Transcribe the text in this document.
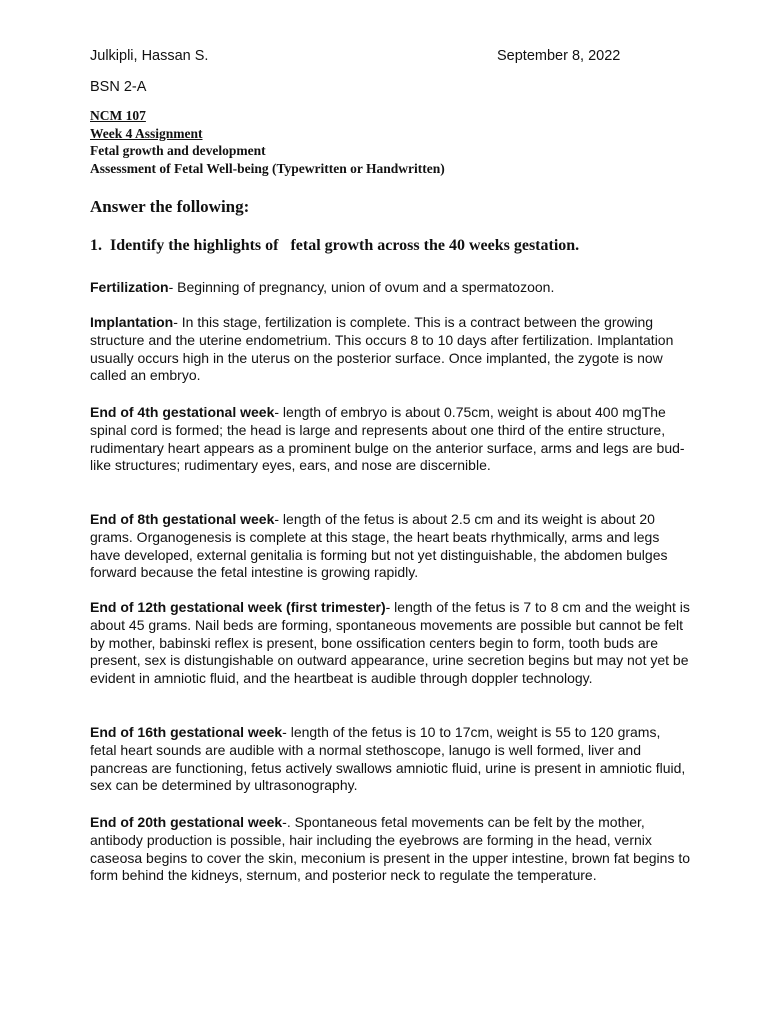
Julkipli, Hassan S.	September 8, 2022
BSN 2-A
NCM 107
Week 4 Assignment
Fetal growth and development
Assessment of Fetal Well-being (Typewritten or Handwritten)
Answer the following:
1. Identify the highlights of   fetal growth across the 40 weeks gestation.
Fertilization- Beginning of pregnancy, union of ovum and a spermatozoon.
Implantation- In this stage, fertilization is complete. This is a contract between the growing structure and the uterine endometrium. This occurs 8 to 10 days after fertilization. Implantation usually occurs high in the uterus on the posterior surface. Once implanted, the zygote is now called an embryo.
End of 4th gestational week- length of embryo is about 0.75cm, weight is about 400 mgThe spinal cord is formed; the head is large and represents about one third of the entire structure, rudimentary heart appears as a prominent bulge on the anterior surface, arms and legs are bud-like structures; rudimentary eyes, ears, and nose are discernible.
End of 8th gestational week- length of the fetus is about 2.5 cm and its weight is about 20 grams. Organogenesis is complete at this stage, the heart beats rhythmically, arms and legs have developed, external genitalia is forming but not yet distinguishable, the abdomen bulges forward because the fetal intestine is growing rapidly.
End of 12th gestational week (first trimester)- length of the fetus is 7 to 8 cm and the weight is about 45 grams. Nail beds are forming, spontaneous movements are possible but cannot be felt by mother, babinski reflex is present, bone ossification centers begin to form, tooth buds are present, sex is distungishable on outward appearance, urine secretion begins but may not yet be evident in amniotic fluid, and the heartbeat is audible through doppler technology.
End of 16th gestational week- length of the fetus is 10 to 17cm, weight is 55 to 120 grams, fetal heart sounds are audible with a normal stethoscope, lanugo is well formed, liver and pancreas are functioning, fetus actively swallows amniotic fluid, urine is present in amniotic fluid, sex can be determined by ultrasonography.
End of 20th gestational week-. Spontaneous fetal movements can be felt by the mother, antibody production is possible, hair including the eyebrows are forming in the head, vernix caseosa begins to cover the skin, meconium is present in the upper intestine, brown fat begins to form behind the kidneys, sternum, and posterior neck to regulate the temperature.
